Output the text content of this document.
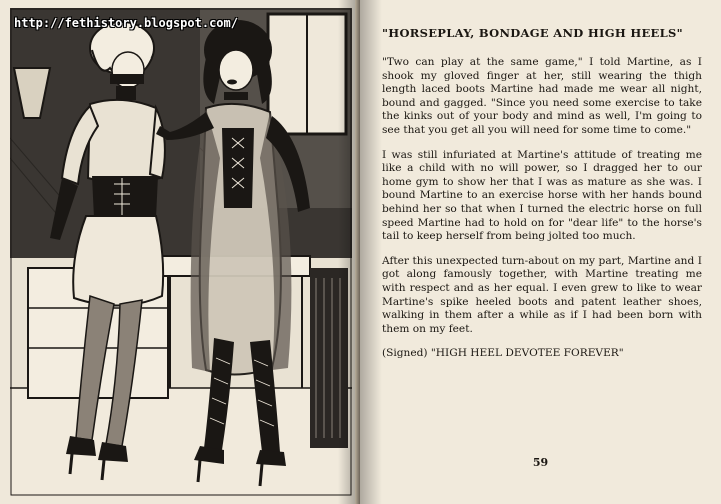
http://fethistory.blogspot.com/
"HORSEPLAY, BONDAGE AND HIGH HEELS"

"Two can play at the same game," I told Martine, as I shook my gloved finger at her, still wearing the thigh length laced boots Martine had made me wear all night, bound and gagged. "Since you need some exercise to take the kinks out of your body and mind as well, I'm going to see that you get all you will need for some time to come."

I was still infuriated at Martine's attitude of treating me like a child with no will power, so I dragged her to our home gym to show her that I was as mature as she was. I bound Martine to an exercise horse with her hands bound behind her so that when I turned the electric horse on full speed Martine had to hold on for "dear life" to the horse's tail to keep herself from being jolted too much.

After this unexpected turn-about on my part, Martine and I got along famously together, with Martine treating me with respect and as her equal. I even grew to like to wear Martine's spike heeled boots and patent leather shoes, walking in them after a while as if I had been born with them on my feet.

(Signed) "HIGH HEEL DEVOTEE FOREVER"

59
